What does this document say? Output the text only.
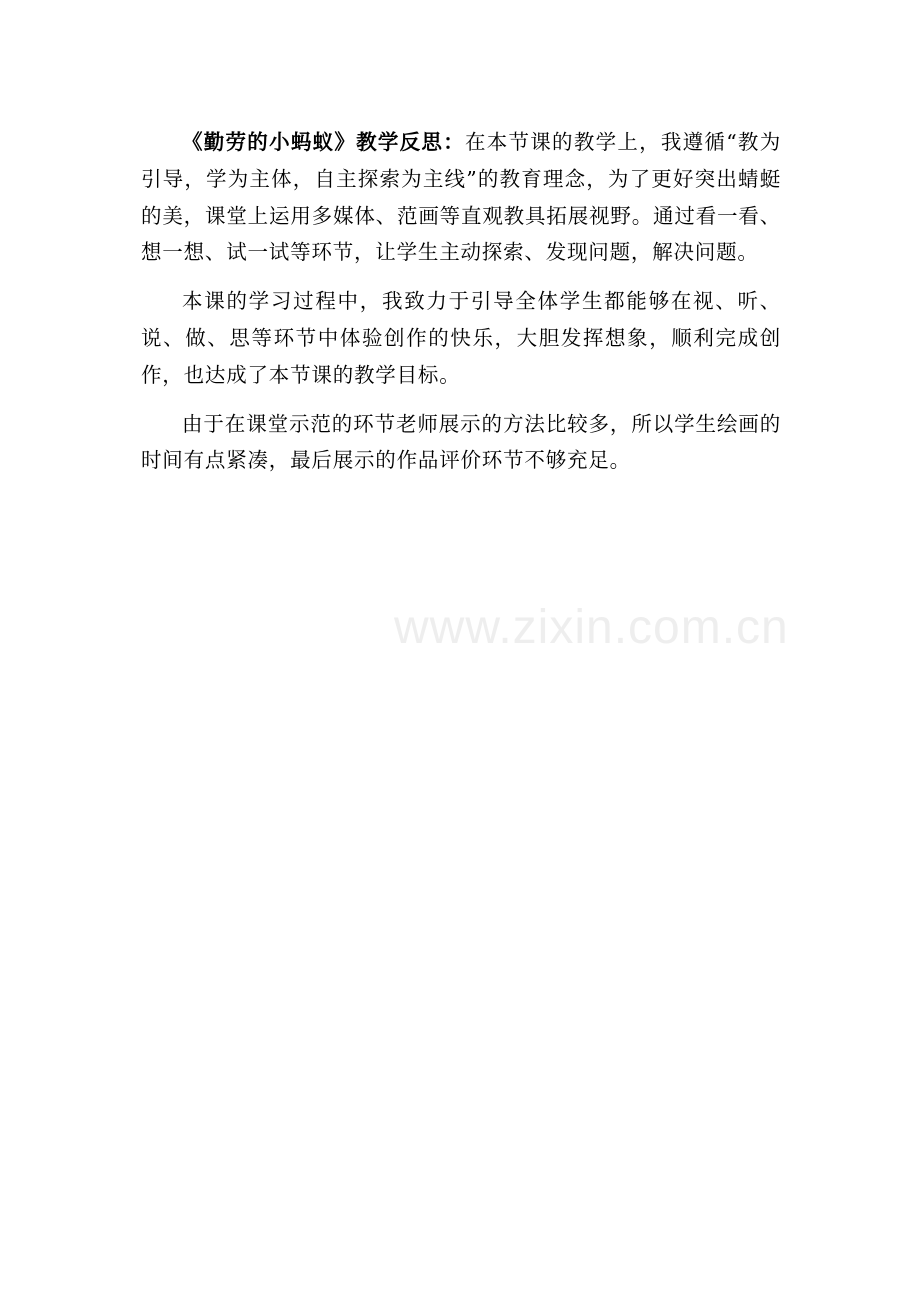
《勤劳的小蚂蚁》教学反思：在本节课的教学上，我遵循“教为引导，学为主体，自主探索为主线”的教育理念，为了更好突出蜻蜓的美，课堂上运用多媒体、范画等直观教具拓展视野。通过看一看、想一想、试一试等环节，让学生主动探索、发现问题，解决问题。

本课的学习过程中，我致力于引导全体学生都能够在视、听、说、做、思等环节中体验创作的快乐，大胆发挥想象，顺利完成创作，也达成了本节课的教学目标。

由于在课堂示范的环节老师展示的方法比较多，所以学生绘画的时间有点紧凑，最后展示的作品评价环节不够充足。

www.zixin.com.cn
